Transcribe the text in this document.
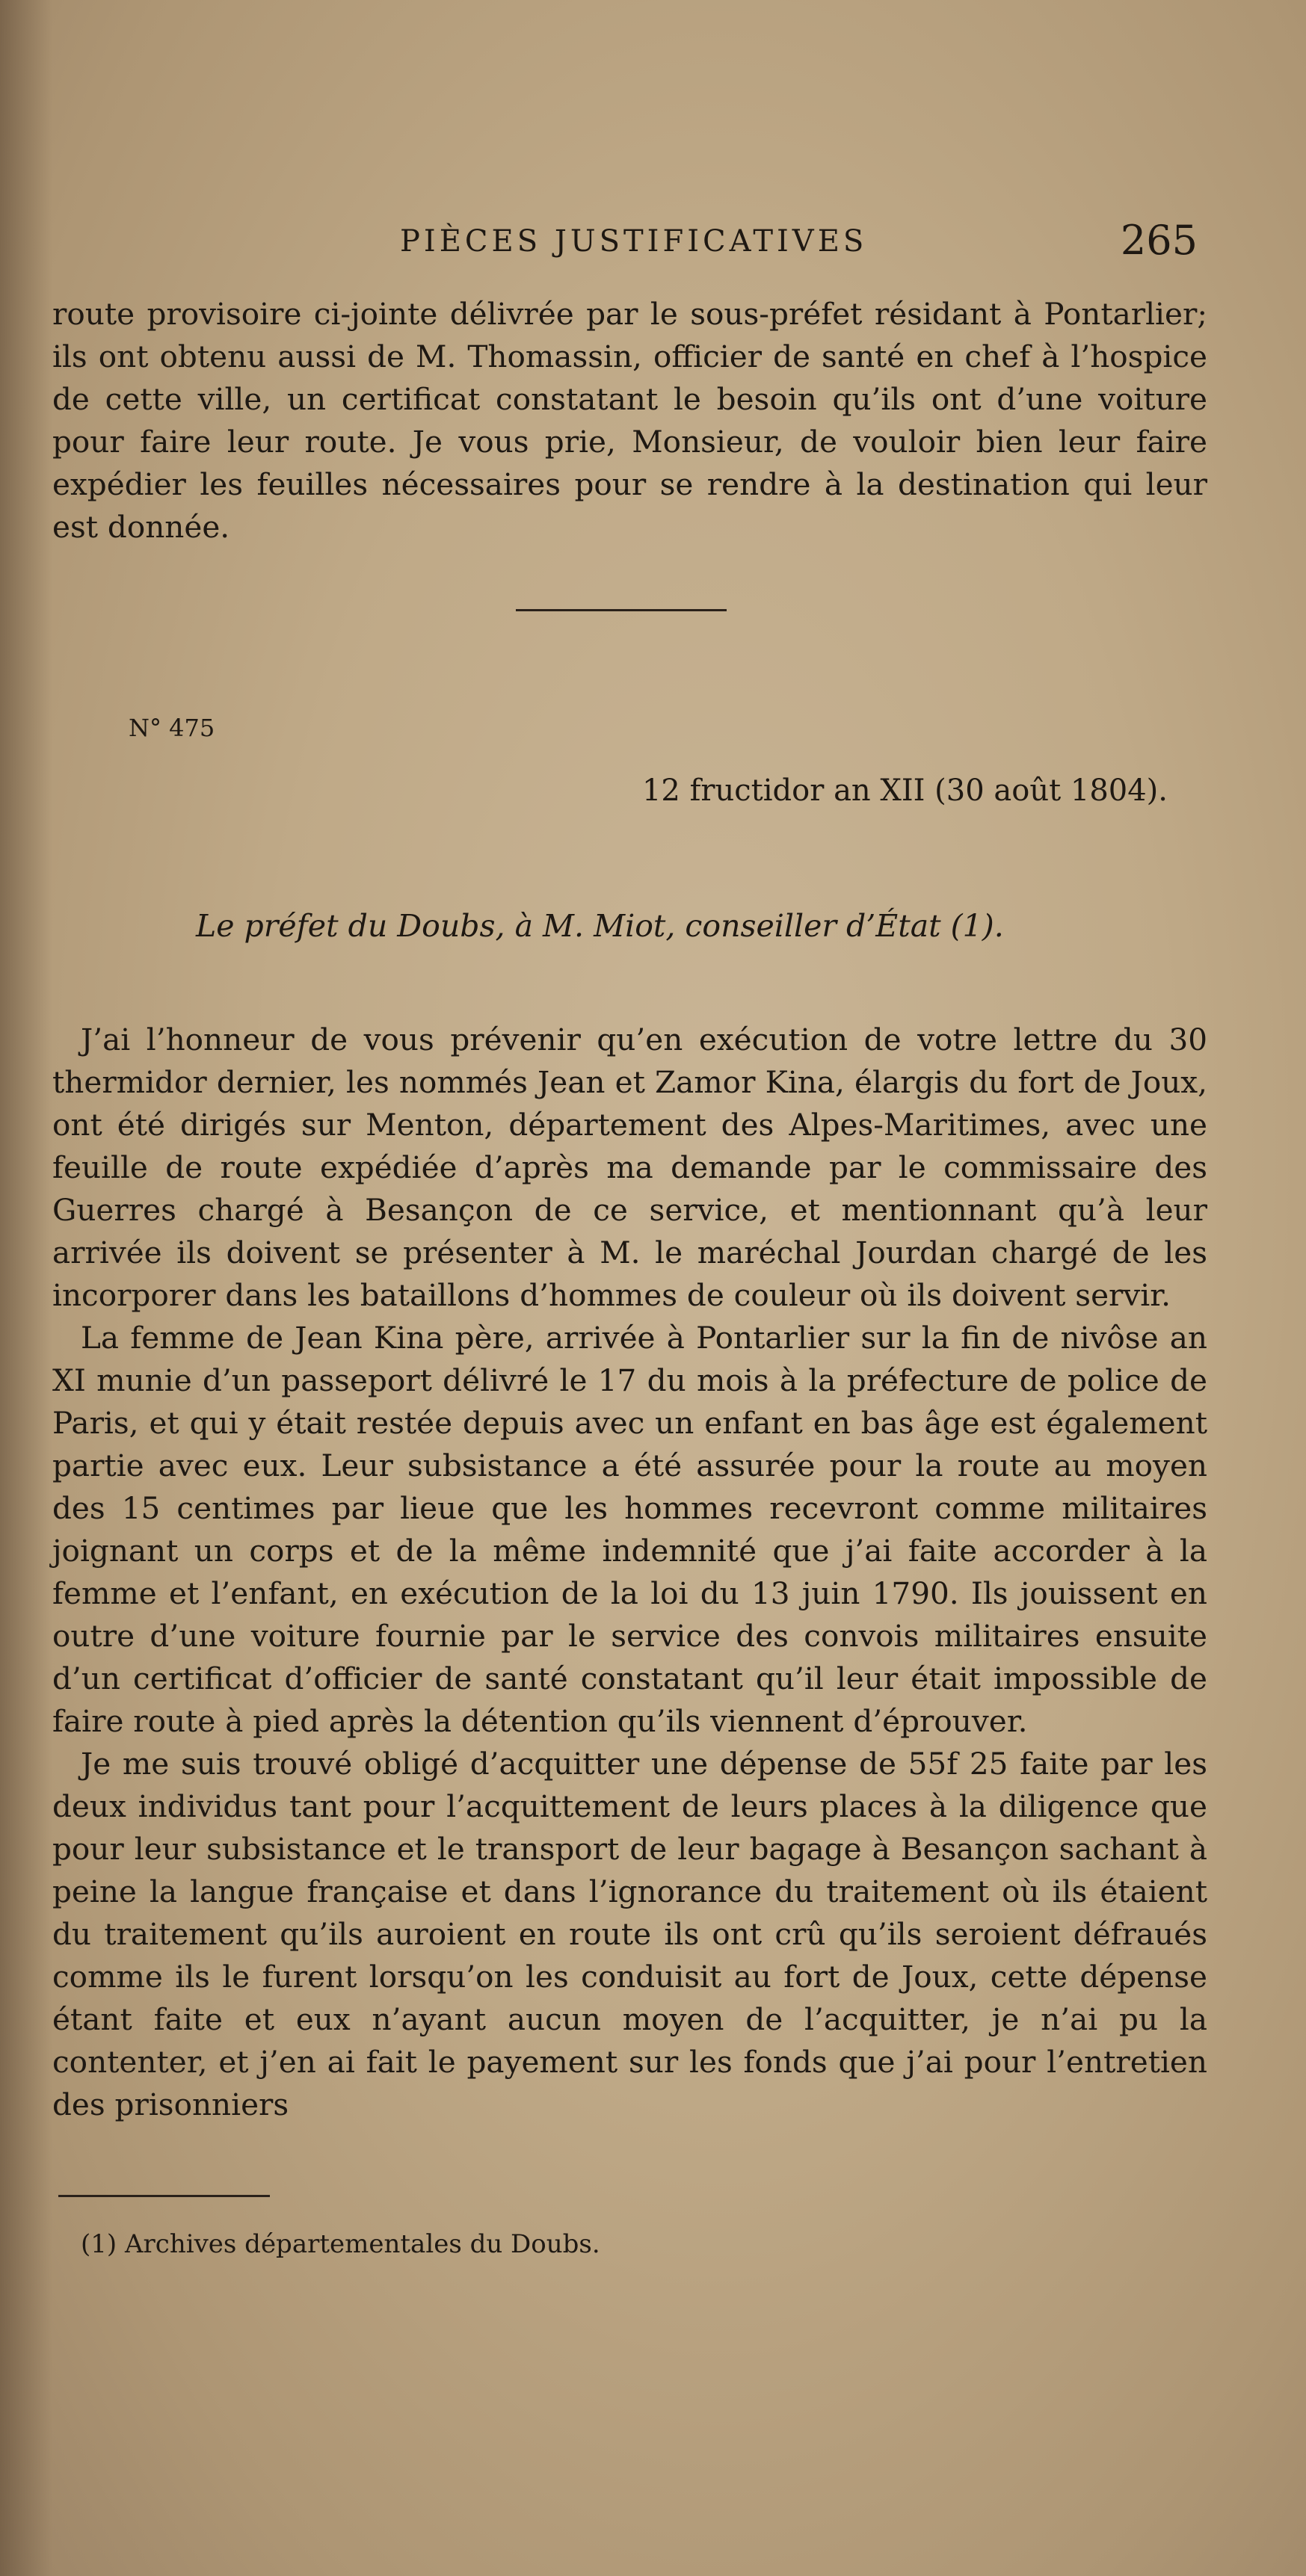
PIÈCES JUSTIFICATIVES	265

route provisoire ci-jointe délivrée par le sous-préfet résidant à Pontarlier; ils ont obtenu aussi de M. Thomassin, officier de santé en chef à l’hospice de cette ville, un certificat constatant le besoin qu’ils ont d’une voiture pour faire leur route. Je vous prie, Monsieur, de vouloir bien leur faire expédier les feuilles nécessaires pour se rendre à la destination qui leur est donnée.

N° 475
12 fructidor an XII (30 août 1804).
Le préfet du Doubs, à M. Miot, conseiller d’État (1).

J’ai l’honneur de vous prévenir qu’en exécution de votre lettre du 30 thermidor dernier, les nommés Jean et Zamor Kina, élargis du fort de Joux, ont été dirigés sur Menton, département des Alpes-Maritimes, avec une feuille de route expédiée d’après ma demande par le commissaire des Guerres chargé à Besançon de ce service, et mentionnant qu’à leur arrivée ils doivent se présenter à M. le maréchal Jourdan chargé de les incorporer dans les bataillons d’hommes de couleur où ils doivent servir.

La femme de Jean Kina père, arrivée à Pontarlier sur la fin de nivôse an XI munie d’un passeport délivré le 17 du mois à la préfecture de police de Paris, et qui y était restée depuis avec un enfant en bas âge est également partie avec eux. Leur subsistance a été assurée pour la route au moyen des 15 centimes par lieue que les hommes recevront comme militaires joignant un corps et de la même indemnité que j’ai faite accorder à la femme et l’enfant, en exécution de la loi du 13 juin 1790. Ils jouissent en outre d’une voiture fournie par le service des convois militaires ensuite d’un certificat d’officier de santé constatant qu’il leur était impossible de faire route à pied après la détention qu’ils viennent d’éprouver.

Je me suis trouvé obligé d’acquitter une dépense de 55f 25 faite par les deux individus tant pour l’acquittement de leurs places à la diligence que pour leur subsistance et le transport de leur bagage à Besançon sachant à peine la langue française et dans l’ignorance du traitement où ils étaient du traitement qu’ils auroient en route ils ont crû qu’ils seroient défraués comme ils le furent lorsqu’on les conduisit au fort de Joux, cette dépense étant faite et eux n’ayant aucun moyen de l’acquitter, je n’ai pu la contenter, et j’en ai fait le payement sur les fonds que j’ai pour l’entretien des prisonniers

(1) Archives départementales du Doubs.
